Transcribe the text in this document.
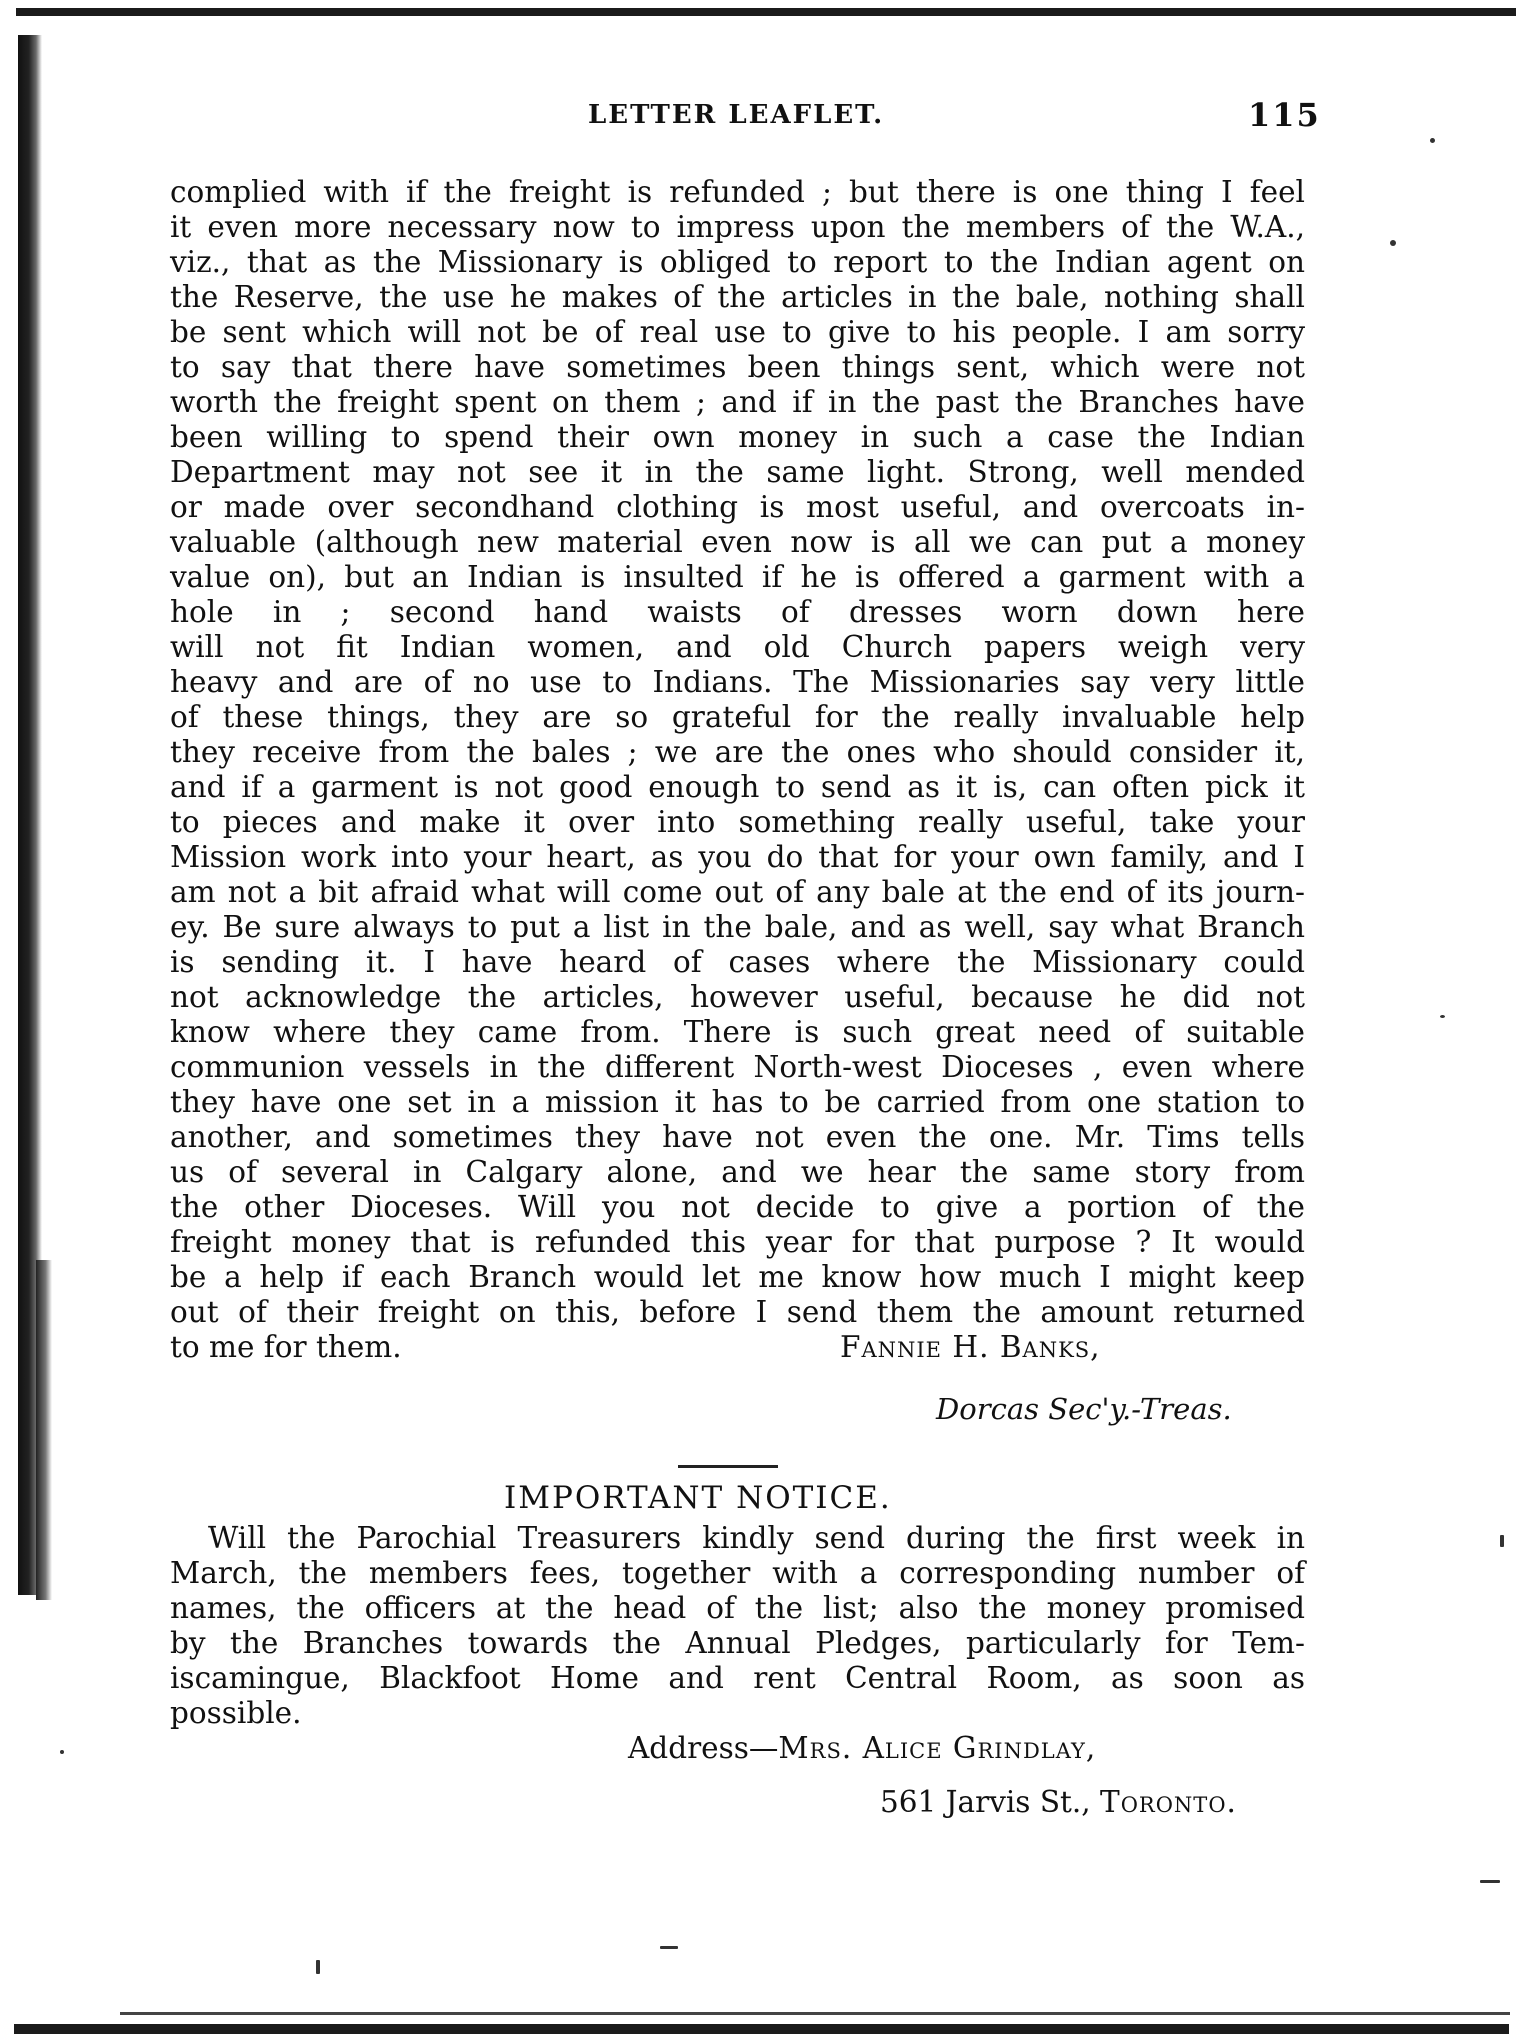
LETTER LEAFLET.	115
complied with if the freight is refunded ; but there is one thing I feel
it even more necessary now to impress upon the members of the W.A.,
viz., that as the Missionary is obliged to report to the Indian agent on
the Reserve, the use he makes of the articles in the bale, nothing shall
be sent which will not be of real use to give to his people. I am sorry
to say that there have sometimes been things sent, which were not
worth the freight spent on them ; and if in the past the Branches have
been willing to spend their own money in such a case the Indian
Department may not see it in the same light. Strong, well mended
or made over secondhand clothing is most useful, and overcoats in-
valuable (although new material even now is all we can put a money
value on), but an Indian is insulted if he is offered a garment with a
hole in ; second hand waists of dresses worn down here
will not fit Indian women, and old Church papers weigh very
heavy and are of no use to Indians. The Missionaries say very little
of these things, they are so grateful for the really invaluable help
they receive from the bales ; we are the ones who should consider it,
and if a garment is not good enough to send as it is, can often pick it
to pieces and make it over into something really useful, take your
Mission work into your heart, as you do that for your own family, and I
am not a bit afraid what will come out of any bale at the end of its journ-
ey. Be sure always to put a list in the bale, and as well, say what Branch
is sending it. I have heard of cases where the Missionary could
not acknowledge the articles, however useful, because he did not
know where they came from. There is such great need of suitable
communion vessels in the different North-west Dioceses , even where
they have one set in a mission it has to be carried from one station to
another, and sometimes they have not even the one. Mr. Tims tells
us of several in Calgary alone, and we hear the same story from
the other Dioceses. Will you not decide to give a portion of the
freight money that is refunded this year for that purpose ? It would
be a help if each Branch would let me know how much I might keep
out of their freight on this, before I send them the amount returned
to me for them.	Fannie H. Banks,
Dorcas Sec'y.-Treas.
IMPORTANT NOTICE.
Will the Parochial Treasurers kindly send during the first week in
March, the members fees, together with a corresponding number of
names, the officers at the head of the list; also the money promised
by the Branches towards the Annual Pledges, particularly for Tem-
iscamingue, Blackfoot Home and rent Central Room, as soon as
possible.
Address—Mrs. Alice Grindlay,
561 Jarvis St., Toronto.
